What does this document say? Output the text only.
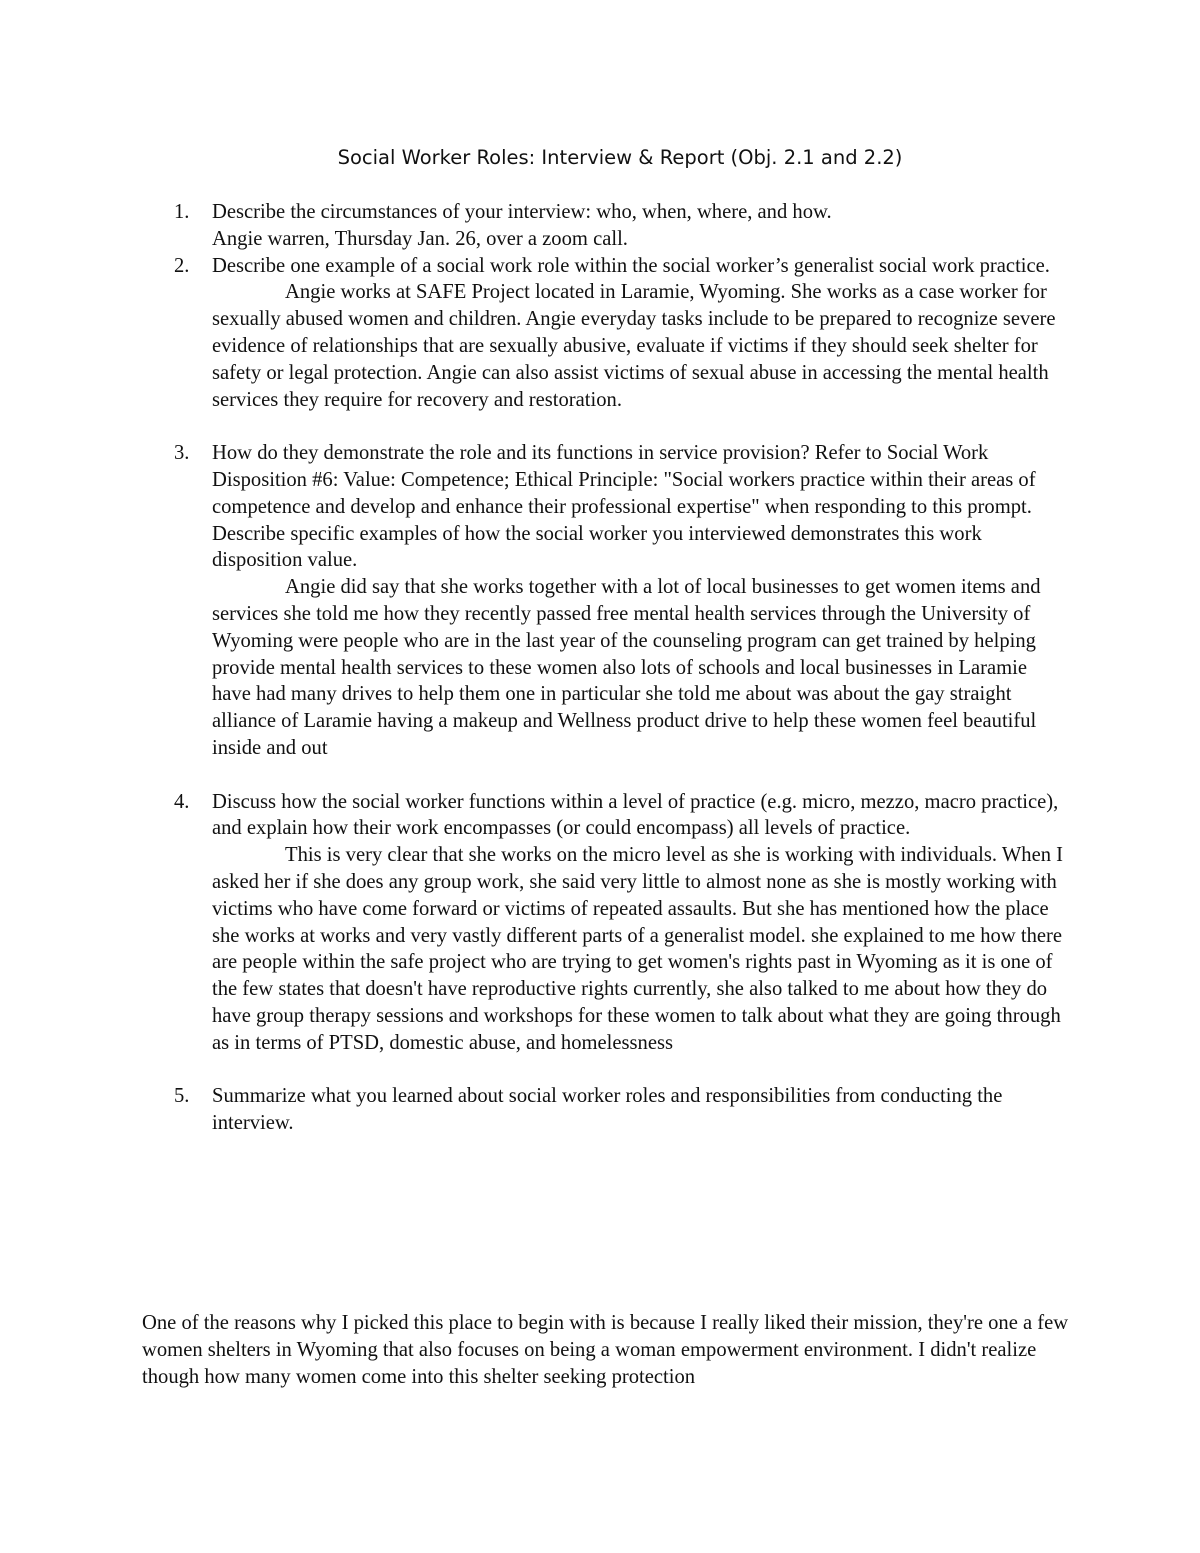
Social Worker Roles: Interview & Report (Obj. 2.1 and 2.2)
1. Describe the circumstances of your interview: who, when, where, and how.

Angie warren, Thursday Jan. 26, over a zoom call.

2. Describe one example of a social work role within the social worker’s generalist social work practice.

Angie works at SAFE Project located in Laramie, Wyoming. She works as a case worker for sexually abused women and children. Angie everyday tasks include to be prepared to recognize severe evidence of relationships that are sexually abusive, evaluate if victims if they should seek shelter for safety or legal protection. Angie can also assist victims of sexual abuse in accessing the mental health services they require for recovery and restoration.

3. How do they demonstrate the role and its functions in service provision? Refer to Social Work Disposition #6: Value: Competence; Ethical Principle: "Social workers practice within their areas of competence and develop and enhance their professional expertise" when responding to this prompt. Describe specific examples of how the social worker you interviewed demonstrates this work disposition value.

Angie did say that she works together with a lot of local businesses to get women items and services she told me how they recently passed free mental health services through the University of Wyoming were people who are in the last year of the counseling program can get trained by helping provide mental health services to these women also lots of schools and local businesses in Laramie have had many drives to help them one in particular she told me about was about the gay straight alliance of Laramie having a makeup and Wellness product drive to help these women feel beautiful inside and out

4. Discuss how the social worker functions within a level of practice (e.g. micro, mezzo, macro practice), and explain how their work encompasses (or could encompass) all levels of practice.

This is very clear that she works on the micro level as she is working with individuals. When I asked her if she does any group work, she said very little to almost none as she is mostly working with victims who have come forward or victims of repeated assaults. But she has mentioned how the place she works at works and very vastly different parts of a generalist model. she explained to me how there are people within the safe project who are trying to get women's rights past in Wyoming as it is one of the few states that doesn't have reproductive rights currently, she also talked to me about how they do have group therapy sessions and workshops for these women to talk about what they are going through as in terms of PTSD, domestic abuse, and homelessness

5. Summarize what you learned about social worker roles and responsibilities from conducting the interview.

One of the reasons why I picked this place to begin with is because I really liked their mission, they're one a few women shelters in Wyoming that also focuses on being a woman empowerment environment. I didn't realize though how many women come into this shelter seeking protection
